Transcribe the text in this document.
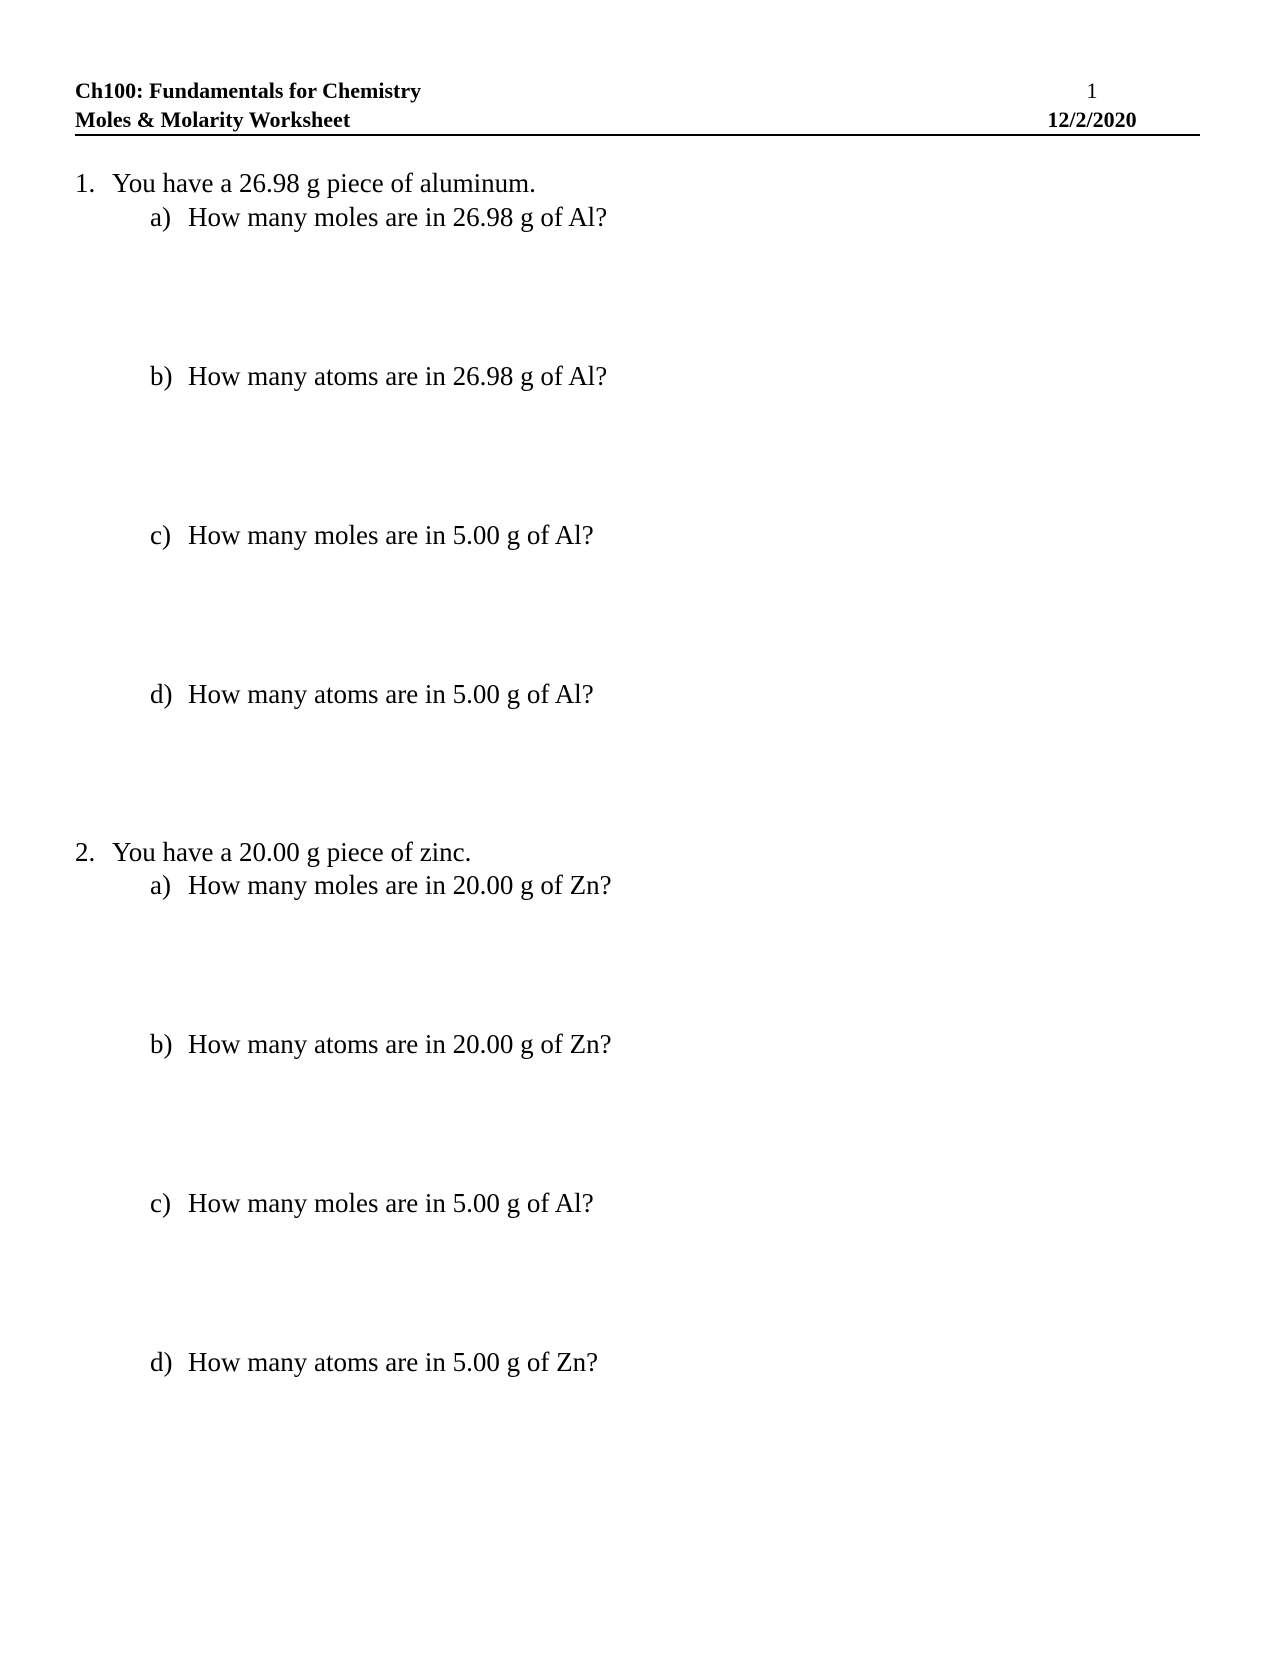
Ch100: Fundamentals for Chemistry
Moles & Molarity Worksheet
1
12/2/2020
1. You have a 26.98 g piece of aluminum.
a) How many moles are in 26.98 g of Al?
b) How many atoms are in 26.98 g of Al?
c) How many moles are in 5.00 g of Al?
d) How many atoms are in 5.00 g of Al?
2. You have a 20.00 g piece of zinc.
a) How many moles are in 20.00 g of Zn?
b) How many atoms are in 20.00 g of Zn?
c) How many moles are in 5.00 g of Al?
d) How many atoms are in 5.00 g of Zn?
